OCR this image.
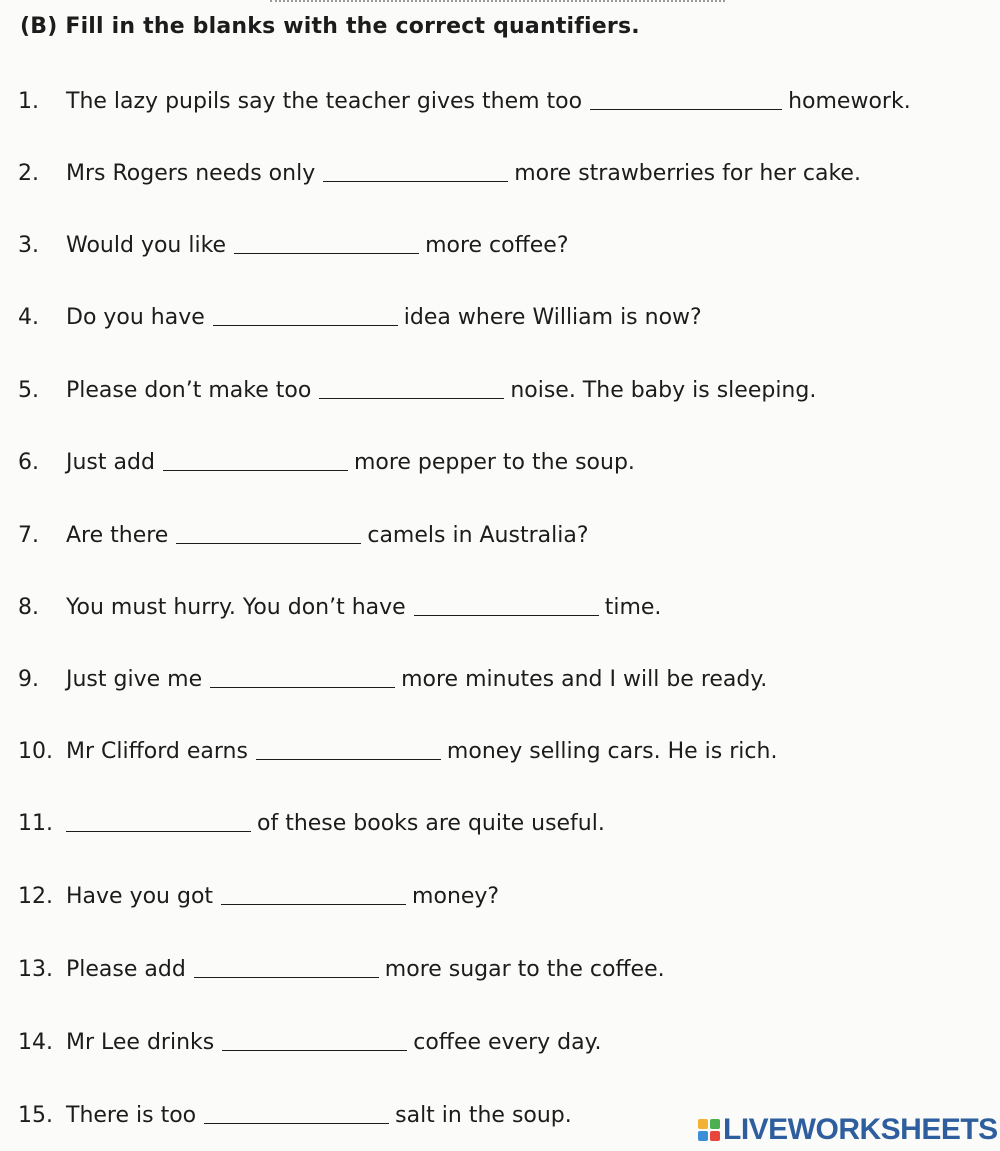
(B) Fill in the blanks with the correct quantifiers.
1. The lazy pupils say the teacher gives them too	homework.
2. Mrs Rogers needs only	more strawberries for her cake.
3. Would you like	more coffee?
4. Do you have	idea where William is now?
5. Please don’t make too	noise. The baby is sleeping.
6. Just add	more pepper to the soup.
7. Are there	camels in Australia?
8. You must hurry. You don’t have	time.
9. Just give me	more minutes and I will be ready.
10. Mr Clifford earns	money selling cars. He is rich.
11.	of these books are quite useful.
12. Have you got	money?
13. Please add	more sugar to the coffee.
14. Mr Lee drinks	coffee every day.
15. There is too	salt in the soup.	LIVEWORKSHEETS
